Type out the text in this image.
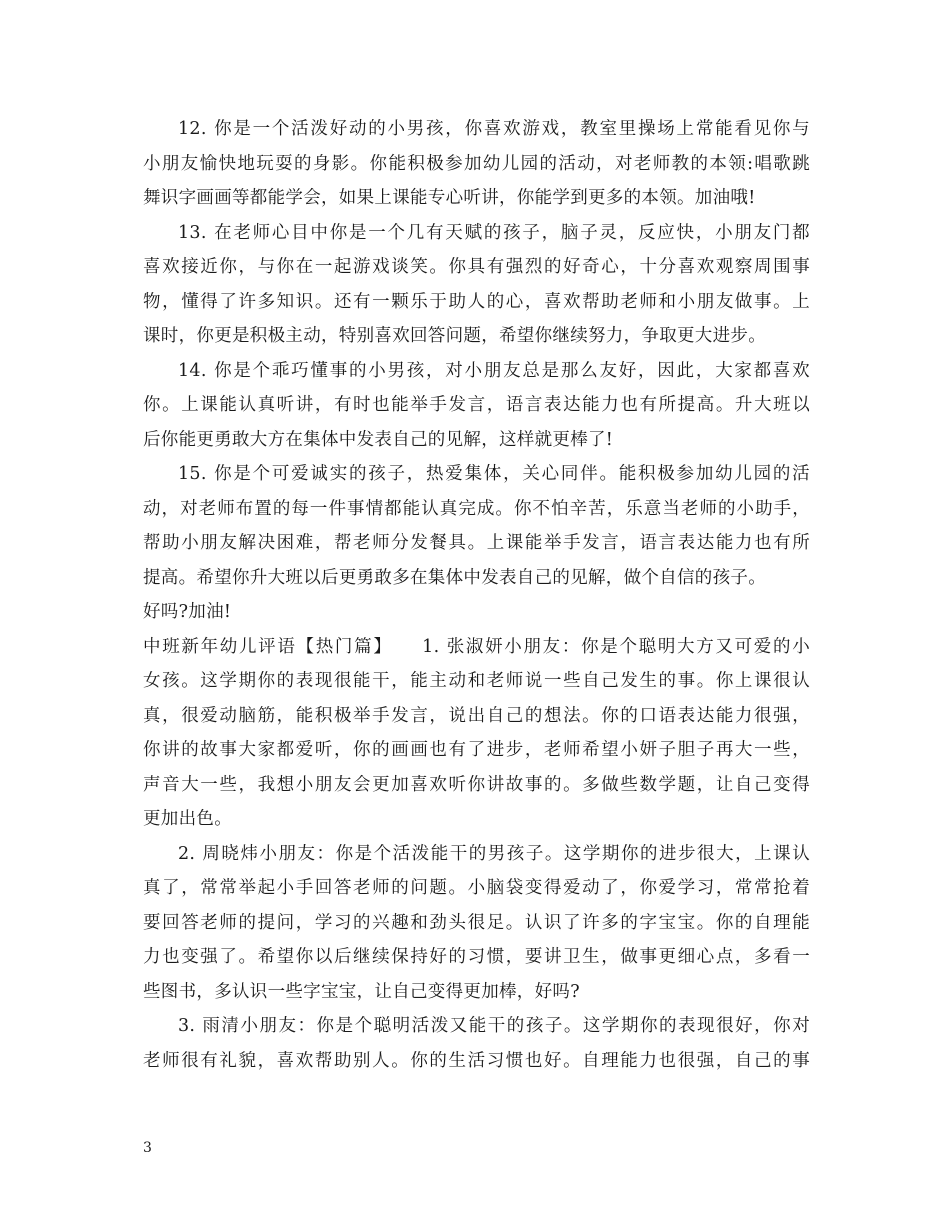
12. 你是一个活泼好动的小男孩，你喜欢游戏，教室里操场上常能看见你与
小朋友愉快地玩耍的身影。你能积极参加幼儿园的活动，对老师教的本领:唱歌跳
舞识字画画等都能学会，如果上课能专心听讲，你能学到更多的本领。加油哦!
13. 在老师心目中你是一个几有天赋的孩子，脑子灵，反应快，小朋友门都
喜欢接近你，与你在一起游戏谈笑。你具有强烈的好奇心，十分喜欢观察周围事
物，懂得了许多知识。还有一颗乐于助人的心，喜欢帮助老师和小朋友做事。上
课时，你更是积极主动，特别喜欢回答问题，希望你继续努力，争取更大进步。
14. 你是个乖巧懂事的小男孩，对小朋友总是那么友好，因此，大家都喜欢
你。上课能认真听讲，有时也能举手发言，语言表达能力也有所提高。升大班以
后你能更勇敢大方在集体中发表自己的见解，这样就更棒了!
15. 你是个可爱诚实的孩子，热爱集体，关心同伴。能积极参加幼儿园的活
动，对老师布置的每一件事情都能认真完成。你不怕辛苦，乐意当老师的小助手，
帮助小朋友解决困难，帮老师分发餐具。上课能举手发言，语言表达能力也有所
提高。希望你升大班以后更勇敢多在集体中发表自己的见解，做个自信的孩子。
好吗?加油!
中班新年幼儿评语【热门篇】　　1. 张淑妍小朋友：你是个聪明大方又可爱的小
女孩。这学期你的表现很能干，能主动和老师说一些自己发生的事。你上课很认
真，很爱动脑筋，能积极举手发言，说出自己的想法。你的口语表达能力很强，
你讲的故事大家都爱听，你的画画也有了进步，老师希望小妍子胆子再大一些，
声音大一些，我想小朋友会更加喜欢听你讲故事的。多做些数学题，让自己变得
更加出色。
2. 周晓炜小朋友：你是个活泼能干的男孩子。这学期你的进步很大，上课认
真了，常常举起小手回答老师的问题。小脑袋变得爱动了，你爱学习，常常抢着
要回答老师的提问，学习的兴趣和劲头很足。认识了许多的字宝宝。你的自理能
力也变强了。希望你以后继续保持好的习惯，要讲卫生，做事更细心点，多看一
些图书，多认识一些字宝宝，让自己变得更加棒，好吗?
3. 雨清小朋友：你是个聪明活泼又能干的孩子。这学期你的表现很好，你对
老师很有礼貌，喜欢帮助别人。你的生活习惯也好。自理能力也很强，自己的事
3
